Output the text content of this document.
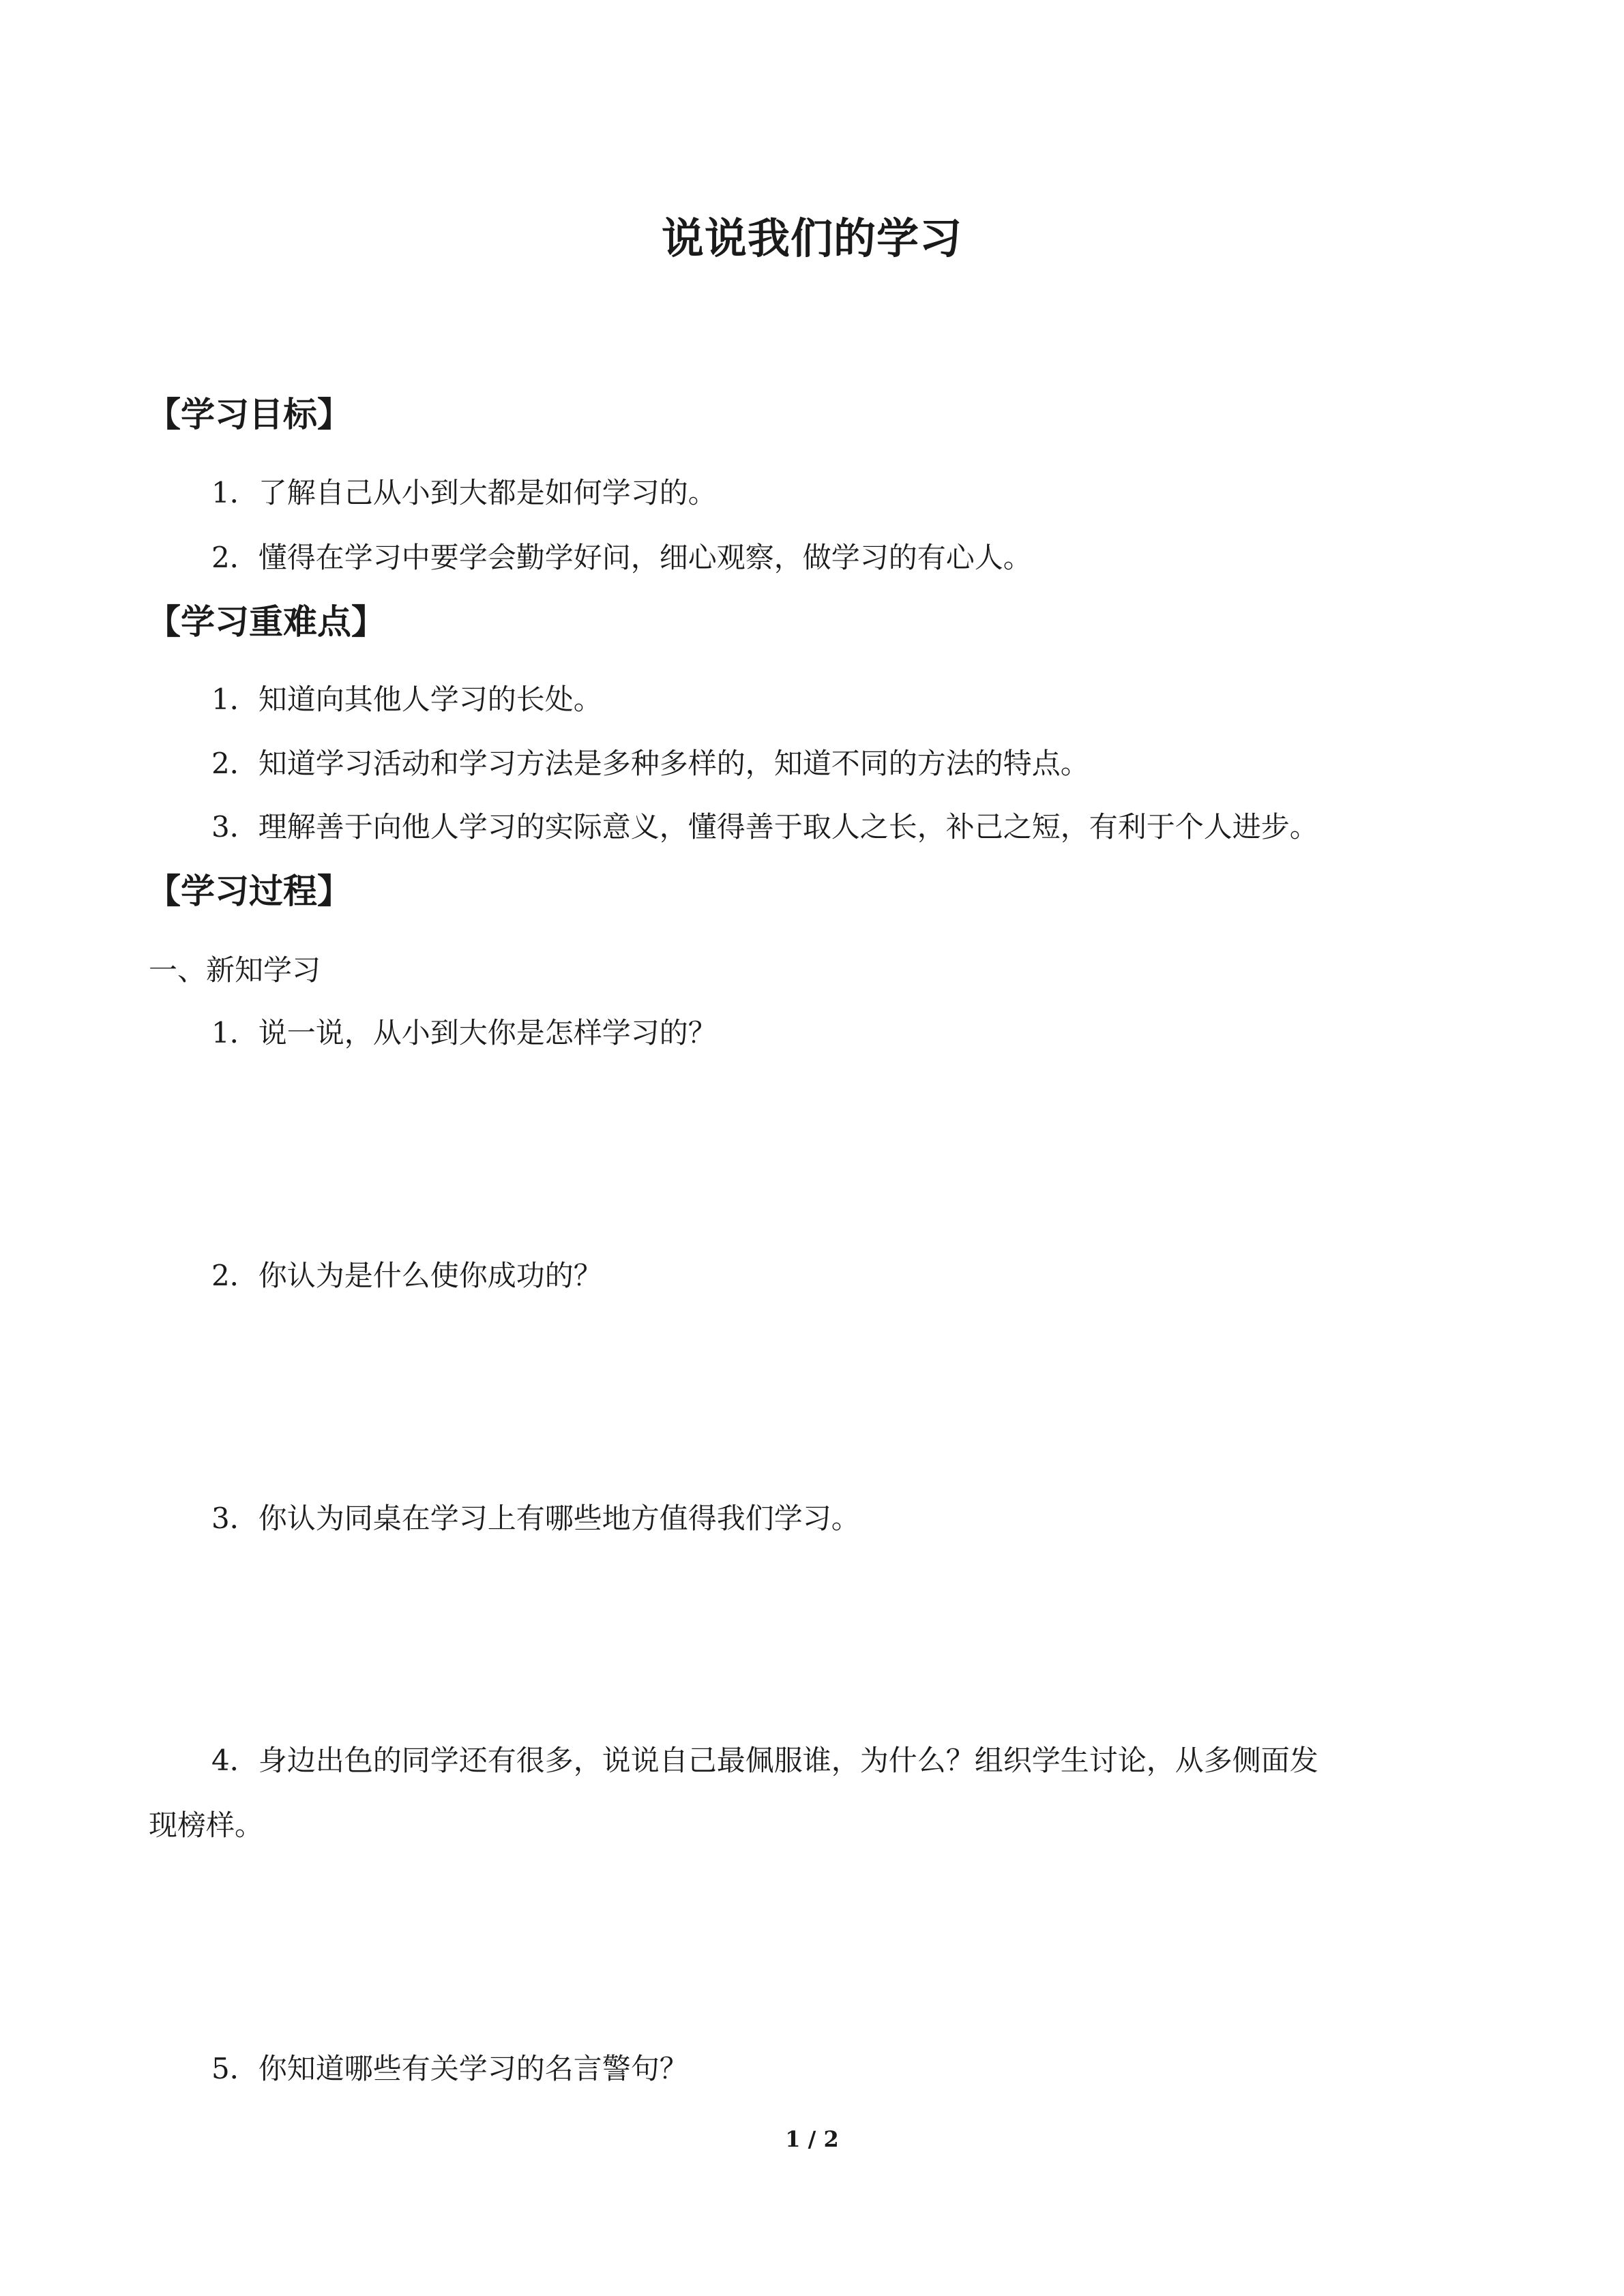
说说我们的学习
【学习目标】
1．了解自己从小到大都是如何学习的。
2．懂得在学习中要学会勤学好问，细心观察，做学习的有心人。
【学习重难点】
1．知道向其他人学习的长处。
2．知道学习活动和学习方法是多种多样的，知道不同的方法的特点。
3．理解善于向他人学习的实际意义，懂得善于取人之长，补己之短，有利于个人进步。
【学习过程】
一、新知学习
1．说一说，从小到大你是怎样学习的？
2．你认为是什么使你成功的？
3．你认为同桌在学习上有哪些地方值得我们学习。
4．身边出色的同学还有很多，说说自己最佩服谁，为什么？组织学生讨论，从多侧面发
现榜样。
5．你知道哪些有关学习的名言警句？
1 / 2
